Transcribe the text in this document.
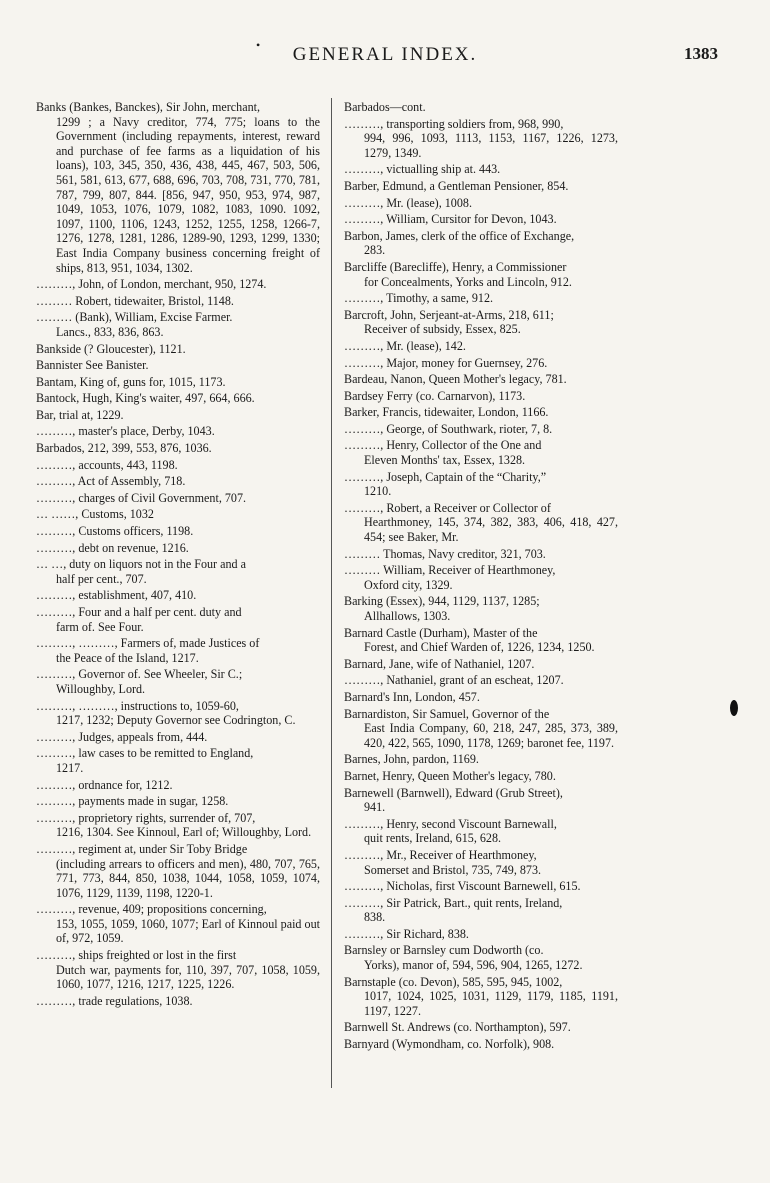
•	GENERAL INDEX.	1383
Banks (Bankes, Banckes), Sir John, merchant,
1299 ; a Navy creditor, 774, 775; loans to the Government (including repayments, interest, reward and purchase of fee farms as a liquidation of his loans), 103, 345, 350, 436, 438, 445, 467, 503, 506, 561, 581, 613, 677, 688, 696, 703, 708, 731, 770, 781, 787, 799, 807, 844. [856, 947, 950, 953, 974, 987, 1049, 1053, 1076, 1079, 1082, 1083, 1090. 1092, 1097, 1100, 1106, 1243, 1252, 1255, 1258, 1266-7, 1276, 1278, 1281, 1286, 1289-90, 1293, 1299, 1330; East India Company business concerning freight of ships, 813, 951, 1034, 1302.
………, John, of London, merchant, 950, 1274.
……… Robert, tidewaiter, Bristol, 1148.
……… (Bank), William, Excise Farmer.
Lancs., 833, 836, 863.
Bankside (? Gloucester), 1121.
Bannister See Banister.
Bantam, King of, guns for, 1015, 1173.
Bantock, Hugh, King's waiter, 497, 664, 666.
Bar, trial at, 1229.
………, master's place, Derby, 1043.
Barbados, 212, 399, 553, 876, 1036.
………, accounts, 443, 1198.
………, Act of Assembly, 718.
………, charges of Civil Government, 707.
… ……, Customs, 1032
………, Customs officers, 1198.
………, debt on revenue, 1216.
… …, duty on liquors not in the Four and a
half per cent., 707.
………, establishment, 407, 410.
………, Four and a half per cent. duty and
farm of. See Four.
………, ………, Farmers of, made Justices of
the Peace of the Island, 1217.
………, Governor of. See Wheeler, Sir C.;
Willoughby, Lord.
………, ………, instructions to, 1059-60,
1217, 1232; Deputy Governor see Codrington, C.
………, Judges, appeals from, 444.
………, law cases to be remitted to England,
1217.
………, ordnance for, 1212.
………, payments made in sugar, 1258.
………, proprietory rights, surrender of, 707,
1216, 1304. See Kinnoul, Earl of; Willoughby, Lord.
………, regiment at, under Sir Toby Bridge
(including arrears to officers and men), 480, 707, 765, 771, 773, 844, 850, 1038, 1044, 1058, 1059, 1074, 1076, 1129, 1139, 1198, 1220-1.
………, revenue, 409; propositions concerning,
153, 1055, 1059, 1060, 1077; Earl of Kinnoul paid out of, 972, 1059.
………, ships freighted or lost in the first
Dutch war, payments for, 110, 397, 707, 1058, 1059, 1060, 1077, 1216, 1217, 1225, 1226.
………, trade regulations, 1038.
Barbados—cont.
………, transporting soldiers from, 968, 990,
994, 996, 1093, 1113, 1153, 1167, 1226, 1273, 1279, 1349.
………, victualling ship at. 443.
Barber, Edmund, a Gentleman Pensioner, 854.
………, Mr. (lease), 1008.
………, William, Cursitor for Devon, 1043.
Barbon, James, clerk of the office of Exchange,
283.
Barcliffe (Barecliffe), Henry, a Commissioner
for Concealments, Yorks and Lincoln, 912.
………, Timothy, a same, 912.
Barcroft, John, Serjeant-at-Arms, 218, 611;
Receiver of subsidy, Essex, 825.
………, Mr. (lease), 142.
………, Major, money for Guernsey, 276.
Bardeau, Nanon, Queen Mother's legacy, 781.
Bardsey Ferry (co. Carnarvon), 1173.
Barker, Francis, tidewaiter, London, 1166.
………, George, of Southwark, rioter, 7, 8.
………, Henry, Collector of the One and
Eleven Months' tax, Essex, 1328.
………, Joseph, Captain of the “Charity,”
1210.
………, Robert, a Receiver or Collector of
Hearthmoney, 145, 374, 382, 383, 406, 418, 427, 454; see Baker, Mr.
……… Thomas, Navy creditor, 321, 703.
……… William, Receiver of Hearthmoney,
Oxford city, 1329.
Barking (Essex), 944, 1129, 1137, 1285;
Allhallows, 1303.
Barnard Castle (Durham), Master of the
Forest, and Chief Warden of, 1226, 1234, 1250.
Barnard, Jane, wife of Nathaniel, 1207.
………, Nathaniel, grant of an escheat, 1207.
Barnard's Inn, London, 457.
Barnardiston, Sir Samuel, Governor of the
East India Company, 60, 218, 247, 285, 373, 389, 420, 422, 565, 1090, 1178, 1269; baronet fee, 1197.
Barnes, John, pardon, 1169.
Barnet, Henry, Queen Mother's legacy, 780.
Barnewell (Barnwell), Edward (Grub Street),
941.
………, Henry, second Viscount Barnewall,
quit rents, Ireland, 615, 628.
………, Mr., Receiver of Hearthmoney,
Somerset and Bristol, 735, 749, 873.
………, Nicholas, first Viscount Barnewell, 615.
………, Sir Patrick, Bart., quit rents, Ireland,
838.
………, Sir Richard, 838.
Barnsley or Barnsley cum Dodworth (co.
Yorks), manor of, 594, 596, 904, 1265, 1272.
Barnstaple (co. Devon), 585, 595, 945, 1002,
1017, 1024, 1025, 1031, 1129, 1179, 1185, 1191, 1197, 1227.
Barnwell St. Andrews (co. Northampton), 597.
Barnyard (Wymondham, co. Norfolk), 908.
